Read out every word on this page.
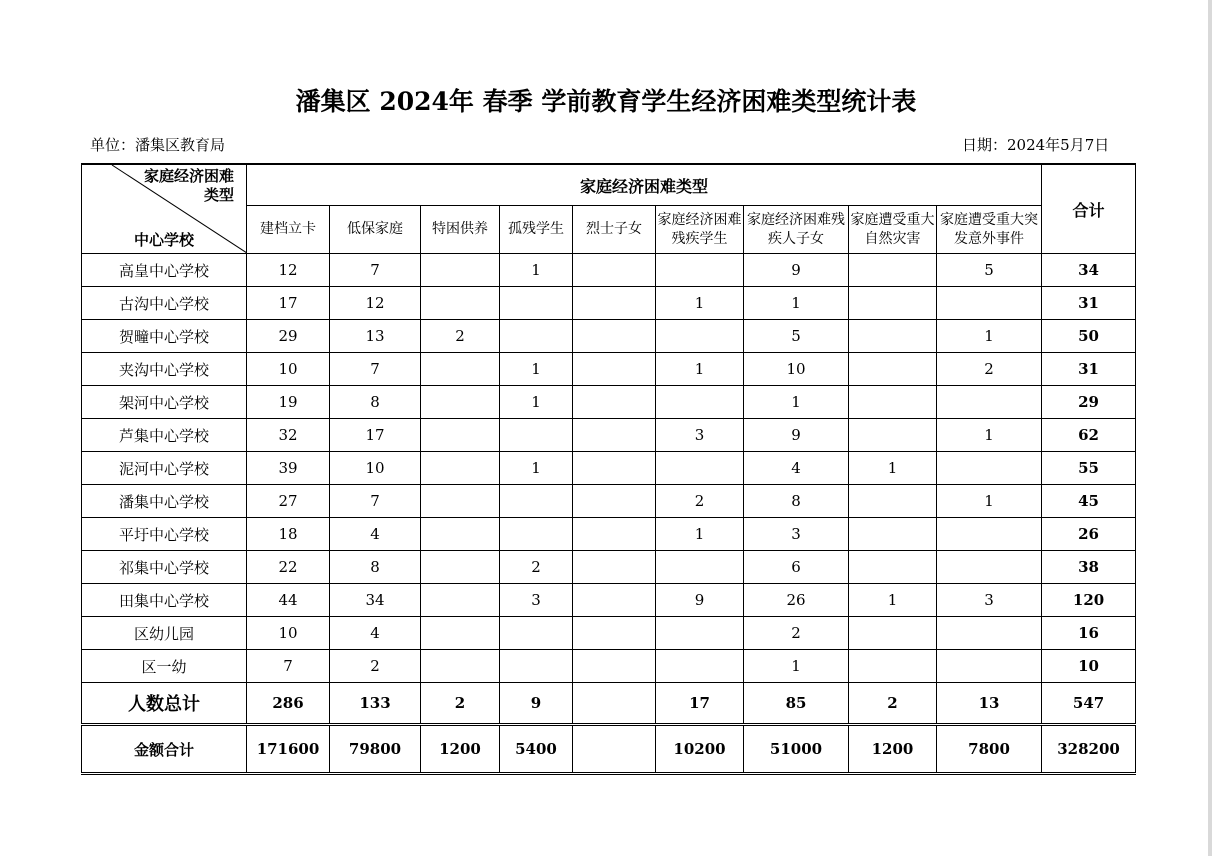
潘集区 2024年 春季 学前教育学生经济困难类型统计表
单位：潘集区教育局	日期：2024年5月7日
家庭经济困难类型
中心学校	家庭经济困难类型									合计
	建档立卡	低保家庭	特困供养	孤残学生	烈士子女	家庭经济困难残疾学生	家庭经济困难残疾人子女	家庭遭受重大自然灾害	家庭遭受重大突发意外事件	
高皇中心学校	12	7		1			9		5	34
古沟中心学校	17	12				1	1			31
贺疃中心学校	29	13	2				5		1	50
夹沟中心学校	10	7		1		1	10		2	31
架河中心学校	19	8		1			1			29
芦集中心学校	32	17				3	9		1	62
泥河中心学校	39	10		1			4	1		55
潘集中心学校	27	7				2	8		1	45
平圩中心学校	18	4				1	3			26
祁集中心学校	22	8		2			6			38
田集中心学校	44	34		3		9	26	1	3	120
区幼儿园	10	4					2			16
区一幼	7	2					1			10
人数总计	286	133	2	9		17	85	2	13	547
金额合计	171600	79800	1200	5400		10200	51000	1200	7800	328200
